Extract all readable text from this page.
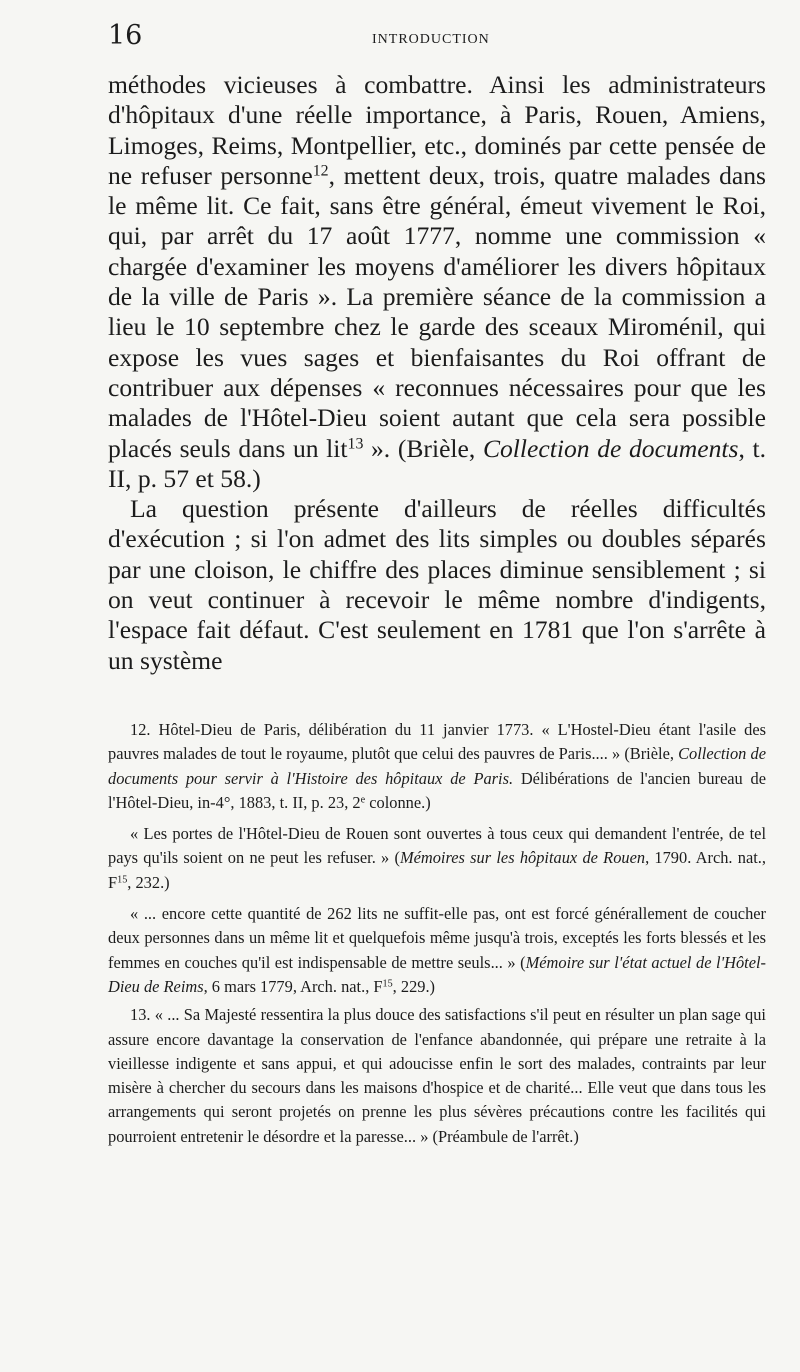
16	INTRODUCTION

méthodes vicieuses à combattre. Ainsi les administrateurs d'hôpitaux d'une réelle importance, à Paris, Rouen, Amiens, Limoges, Reims, Montpellier, etc., dominés par cette pensée de ne refuser personne$^{12}$, mettent deux, trois, quatre malades dans le même lit. Ce fait, sans être général, émeut vivement le Roi, qui, par arrêt du 17 août 1777, nomme une commission « chargée d'examiner les moyens d'améliorer les divers hôpitaux de la ville de Paris ». La première séance de la commission a lieu le 10 septembre chez le garde des sceaux Miroménil, qui expose les vues sages et bienfaisantes du Roi offrant de contribuer aux dépenses « reconnues nécessaires pour que les malades de l'Hôtel-Dieu soient autant que cela sera possible placés seuls dans un lit$^{13}$ ». (Brièle, Collection de documents, t. II, p. 57 et 58.)

La question présente d'ailleurs de réelles difficultés d'exécution ; si l'on admet des lits simples ou doubles séparés par une cloison, le chiffre des places diminue sensiblement ; si on veut continuer à recevoir le même nombre d'indigents, l'espace fait défaut. C'est seulement en 1781 que l'on s'arrête à un système

12. Hôtel-Dieu de Paris, délibération du 11 janvier 1773. « L'Hostel-Dieu étant l'asile des pauvres malades de tout le royaume, plutôt que celui des pauvres de Paris.... » (Brièle, Collection de documents pour servir à l'Histoire des hôpitaux de Paris. Délibérations de l'ancien bureau de l'Hôtel-Dieu, in-4°, 1883, t. II, p. 23, 2e colonne.)

« Les portes de l'Hôtel-Dieu de Rouen sont ouvertes à tous ceux qui demandent l'entrée, de tel pays qu'ils soient on ne peut les refuser. » (Mémoires sur les hôpitaux de Rouen, 1790. Arch. nat., $F^{15}$, 232.)

« ... encore cette quantité de 262 lits ne suffit-elle pas, ont est forcé générallement de coucher deux personnes dans un même lit et quelquefois même jusqu'à trois, exceptés les forts blessés et les femmes en couches qu'il est indispensable de mettre seuls... » (Mémoire sur l'état actuel de l'Hôtel-Dieu de Reims, 6 mars 1779, Arch. nat., $F^{15}$, 229.)

13. « ... Sa Majesté ressentira la plus douce des satisfactions s'il peut en résulter un plan sage qui assure encore davantage la conservation de l'enfance abandonnée, qui prépare une retraite à la vieillesse indigente et sans appui, et qui adoucisse enfin le sort des malades, contraints par leur misère à chercher du secours dans les maisons d'hospice et de charité... Elle veut que dans tous les arrangements qui seront projetés on prenne les plus sévères précautions contre les facilités qui pourroient entretenir le désordre et la paresse... » (Préambule de l'arrêt.)
